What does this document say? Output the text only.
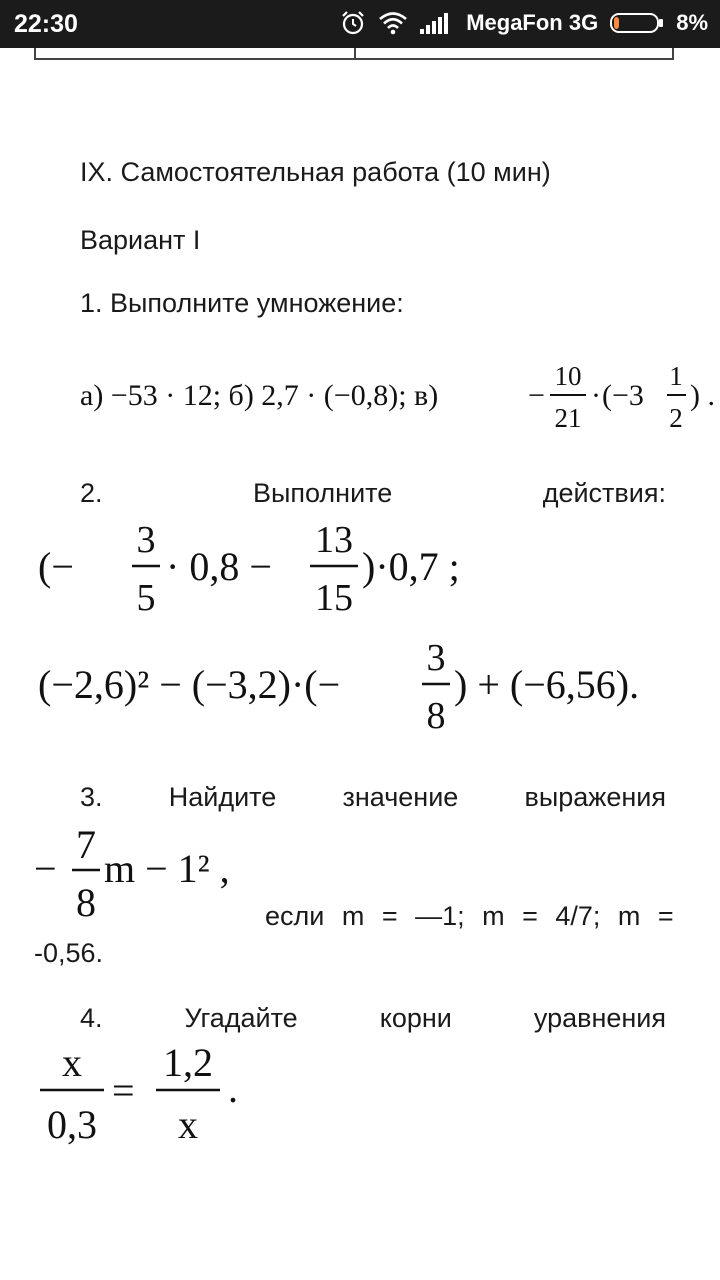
22:30	MegaFon 3G	8%
IX. Самостоятельная работа (10 мин)
Вариант I
1. Выполните умножение:
а) −53 · 12; б) 2,7 · (−0,8); в)	−
10
21
· (−3
1
2
) .
2.	Выполните	действия:
(−
3
5
· 0,8 −
13
15
)·0,7 ;
(−2,6)² − (−3,2)·(−
3
8
) + (−6,56).
3. Найдите значение выражения
−
7
8
m − 1² ,
если m = —1; m = 4/7; m =
-0,56.
4.	Угадайте	корни	уравнения
x
0,3
=
1,2
x
.
